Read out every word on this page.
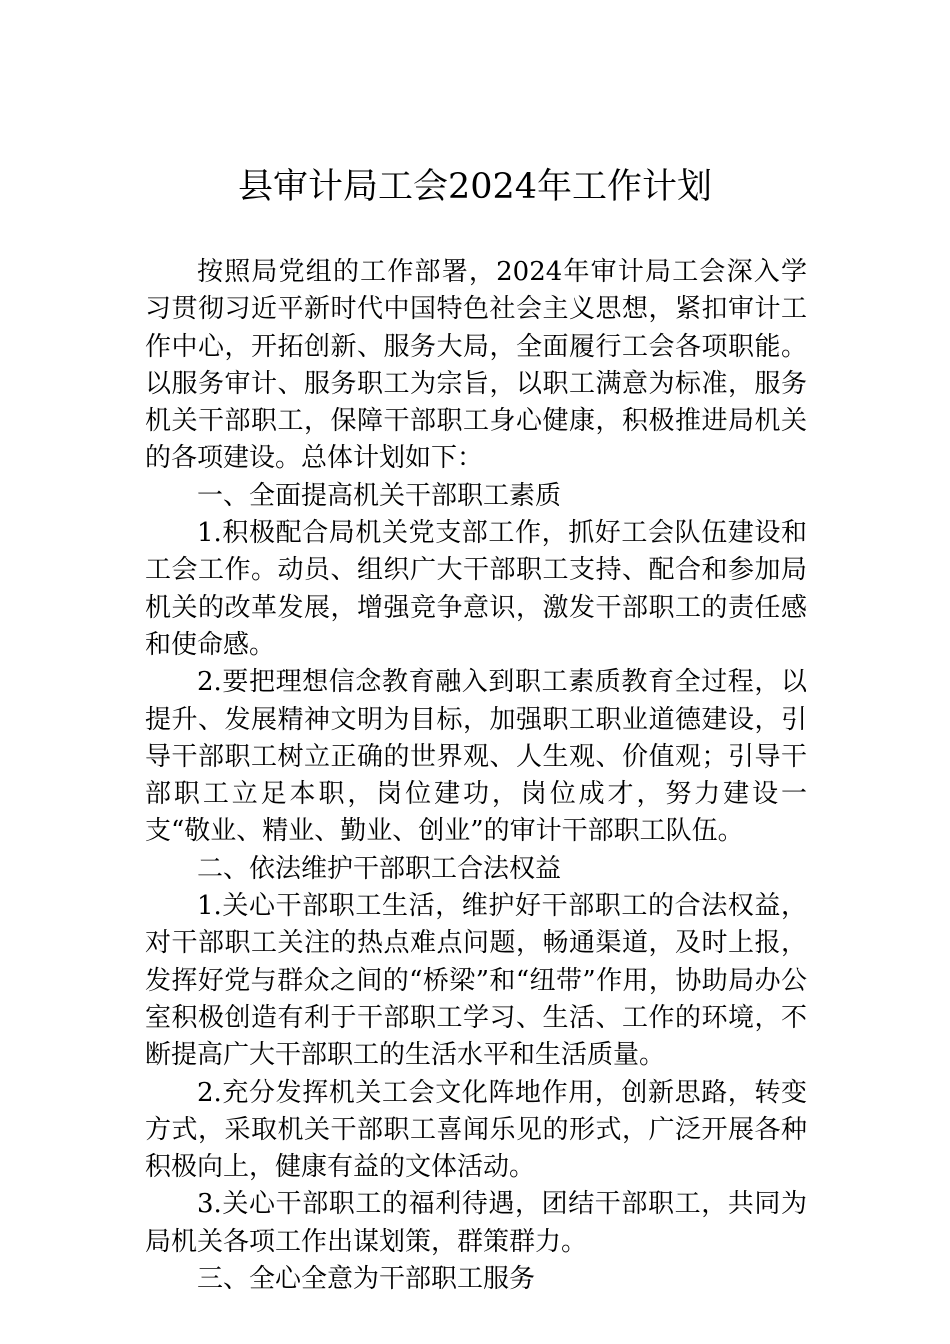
县审计局工会2024年工作计划

按照局党组的工作部署，2024年审计局工会深入学习贯彻习近平新时代中国特色社会主义思想，紧扣审计工作中心，开拓创新、服务大局，全面履行工会各项职能。以服务审计、服务职工为宗旨，以职工满意为标准，服务机关干部职工，保障干部职工身心健康，积极推进局机关的各项建设。总体计划如下：

一、全面提高机关干部职工素质

1.积极配合局机关党支部工作，抓好工会队伍建设和工会工作。动员、组织广大干部职工支持、配合和参加局机关的改革发展，增强竞争意识，激发干部职工的责任感和使命感。

2.要把理想信念教育融入到职工素质教育全过程，以提升、发展精神文明为目标，加强职工职业道德建设，引导干部职工树立正确的世界观、人生观、价值观；引导干部职工立足本职，岗位建功，岗位成才，努力建设一支“敬业、精业、勤业、创业”的审计干部职工队伍。

二、依法维护干部职工合法权益

1.关心干部职工生活，维护好干部职工的合法权益，对干部职工关注的热点难点问题，畅通渠道，及时上报，发挥好党与群众之间的“桥梁”和“纽带”作用，协助局办公室积极创造有利于干部职工学习、生活、工作的环境，不断提高广大干部职工的生活水平和生活质量。

2.充分发挥机关工会文化阵地作用，创新思路，转变方式，采取机关干部职工喜闻乐见的形式，广泛开展各种积极向上，健康有益的文体活动。

3.关心干部职工的福利待遇，团结干部职工，共同为局机关各项工作出谋划策，群策群力。

三、全心全意为干部职工服务
